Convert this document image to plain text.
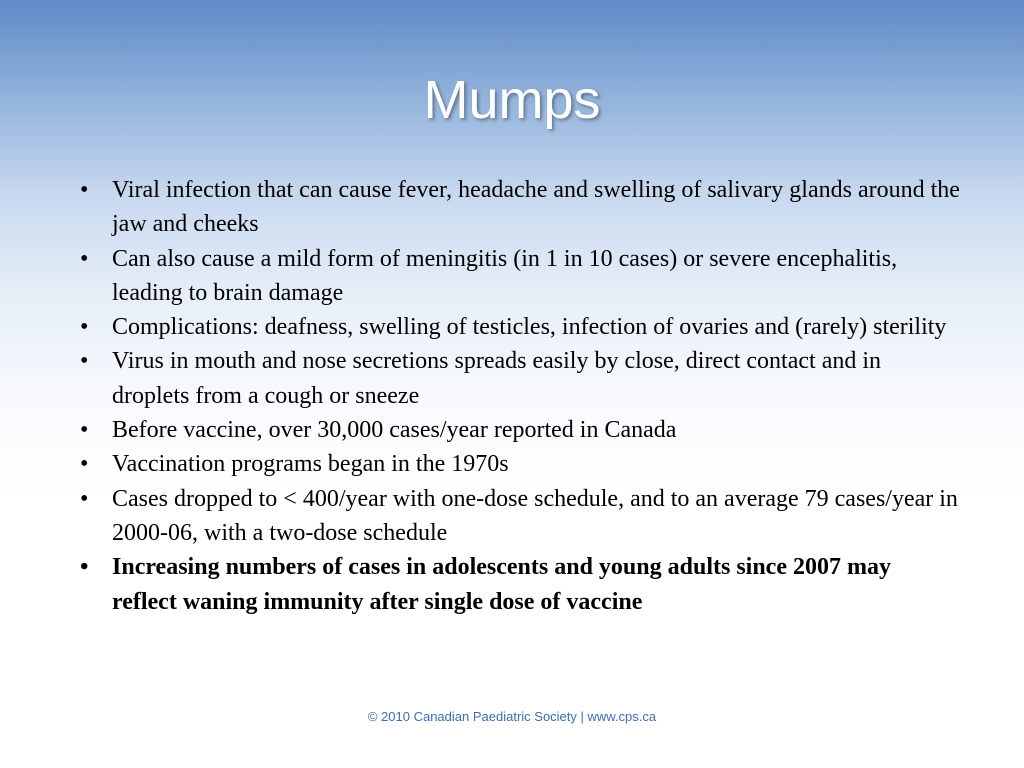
Mumps
• Viral infection that can cause fever, headache and swelling of salivary glands around the jaw and cheeks
• Can also cause a mild form of meningitis (in 1 in 10 cases) or severe encephalitis, leading to brain damage
• Complications: deafness, swelling of testicles, infection of ovaries and (rarely) sterility
• Virus in mouth and nose secretions spreads easily by close, direct contact and in droplets from a cough or sneeze
• Before vaccine, over 30,000 cases/year reported in Canada
• Vaccination programs began in the 1970s
• Cases dropped to < 400/year with one-dose schedule, and to an average 79 cases/year in 2000-06, with a two-dose schedule
• Increasing numbers of cases in adolescents and young adults since 2007 may reflect waning immunity after single dose of vaccine
© 2010 Canadian Paediatric Society | www.cps.ca
